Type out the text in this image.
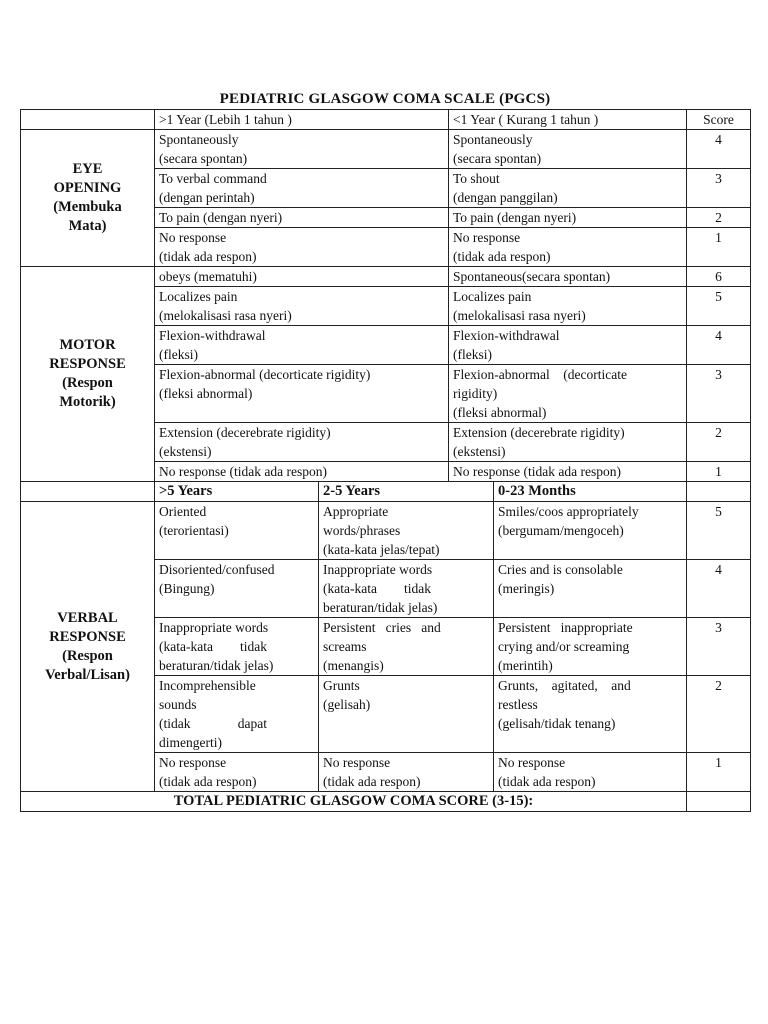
PEDIATRIC GLASGOW COMA SCALE (PGCS)
	>1 Year (Lebih 1 tahun )		<1 Year ( Kurang 1 tahun )		Score

EYE
OPENING
(Membuka
Mata)	Spontaneously
(secara spontan)		Spontaneously
(secara spontan)		4

	To verbal command
(dengan perintah)		To shout
(dengan panggilan)		3

	To pain (dengan nyeri)		To pain (dengan nyeri)		2

	No response
(tidak ada respon)		No response
(tidak ada respon)		1

MOTOR
RESPONSE
(Respon
Motorik)	obeys (mematuhi)		Spontaneous(secara spontan)		6

	Localizes pain
(melokalisasi rasa nyeri)		Localizes pain
(melokalisasi rasa nyeri)		5

	Flexion-withdrawal
(fleksi)		Flexion-withdrawal
(fleksi)		4

	Flexion-abnormal (decorticate rigidity)
(fleksi abnormal)		Flexion-abnormal    (decorticate
rigidity)
(fleksi abnormal)		3

	Extension (decerebrate rigidity)
(ekstensi)		Extension (decerebrate rigidity)
(ekstensi)		2

	No response (tidak ada respon)		No response (tidak ada respon)		1
	>5 Years	2-5 Years		0-23 Months	

VERBAL
RESPONSE
(Respon
Verbal/Lisan)	Oriented
(terorientasi)	Appropriate
words/phrases
(kata-kata jelas/tepat)		Smiles/coos appropriately
(bergumam/mengoceh)	5

	Disoriented/confused
(Bingung)	Inappropriate words
(kata-kata        tidak
beraturan/tidak jelas)		Cries and is consolable
(meringis)	4

	Inappropriate words
(kata-kata        tidak
beraturan/tidak jelas)	Persistent   cries   and
screams
(menangis)		Persistent   inappropriate
crying and/or screaming
(merintih)	3

	Incomprehensible
sounds
(tidak              dapat
dimengerti)	Grunts
(gelisah)		Grunts,    agitated,    and
restless
(gelisah/tidak tenang)	2

	No response
(tidak ada respon)	No response
(tidak ada respon)		No response
(tidak ada respon)	1
TOTAL PEDIATRIC GLASGOW COMA SCORE (3-15):					
